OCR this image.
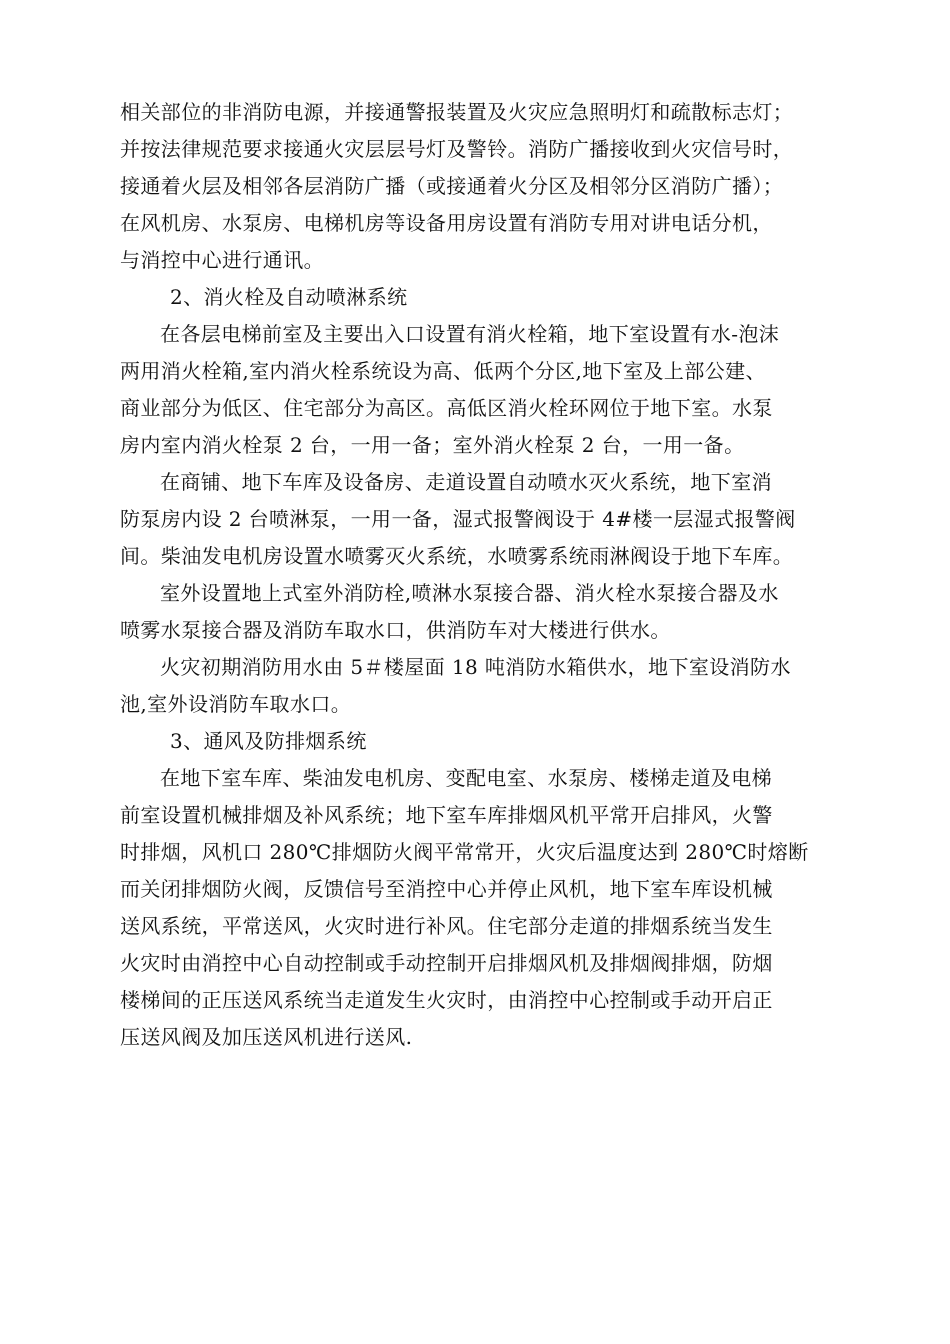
相关部位的非消防电源，并接通警报装置及火灾应急照明灯和疏散标志灯；
并按法律规范要求接通火灾层层号灯及警铃。消防广播接收到火灾信号时，
接通着火层及相邻各层消防广播（或接通着火分区及相邻分区消防广播）；
在风机房、水泵房、电梯机房等设备用房设置有消防专用对讲电话分机，
与消控中心进行通讯。
2、消火栓及自动喷淋系统
在各层电梯前室及主要出入口设置有消火栓箱，地下室设置有水-泡沫
两用消火栓箱,室内消火栓系统设为高、低两个分区,地下室及上部公建、
商业部分为低区、住宅部分为高区。高低区消火栓环网位于地下室。水泵
房内室内消火栓泵 2 台，一用一备；室外消火栓泵 2 台，一用一备。
在商铺、地下车库及设备房、走道设置自动喷水灭火系统，地下室消
防泵房内设 2 台喷淋泵，一用一备，湿式报警阀设于 4#楼一层湿式报警阀
间。柴油发电机房设置水喷雾灭火系统，水喷雾系统雨淋阀设于地下车库。
室外设置地上式室外消防栓,喷淋水泵接合器、消火栓水泵接合器及水
喷雾水泵接合器及消防车取水口，供消防车对大楼进行供水。
火灾初期消防用水由 5＃楼屋面 18 吨消防水箱供水，地下室设消防水
池,室外设消防车取水口。
3、通风及防排烟系统
在地下室车库、柴油发电机房、变配电室、水泵房、楼梯走道及电梯
前室设置机械排烟及补风系统；地下室车库排烟风机平常开启排风，火警
时排烟，风机口 280℃排烟防火阀平常常开，火灾后温度达到 280℃时熔断
而关闭排烟防火阀，反馈信号至消控中心并停止风机，地下室车库设机械
送风系统，平常送风，火灾时进行补风。住宅部分走道的排烟系统当发生
火灾时由消控中心自动控制或手动控制开启排烟风机及排烟阀排烟，防烟
楼梯间的正压送风系统当走道发生火灾时，由消控中心控制或手动开启正
压送风阀及加压送风机进行送风.
